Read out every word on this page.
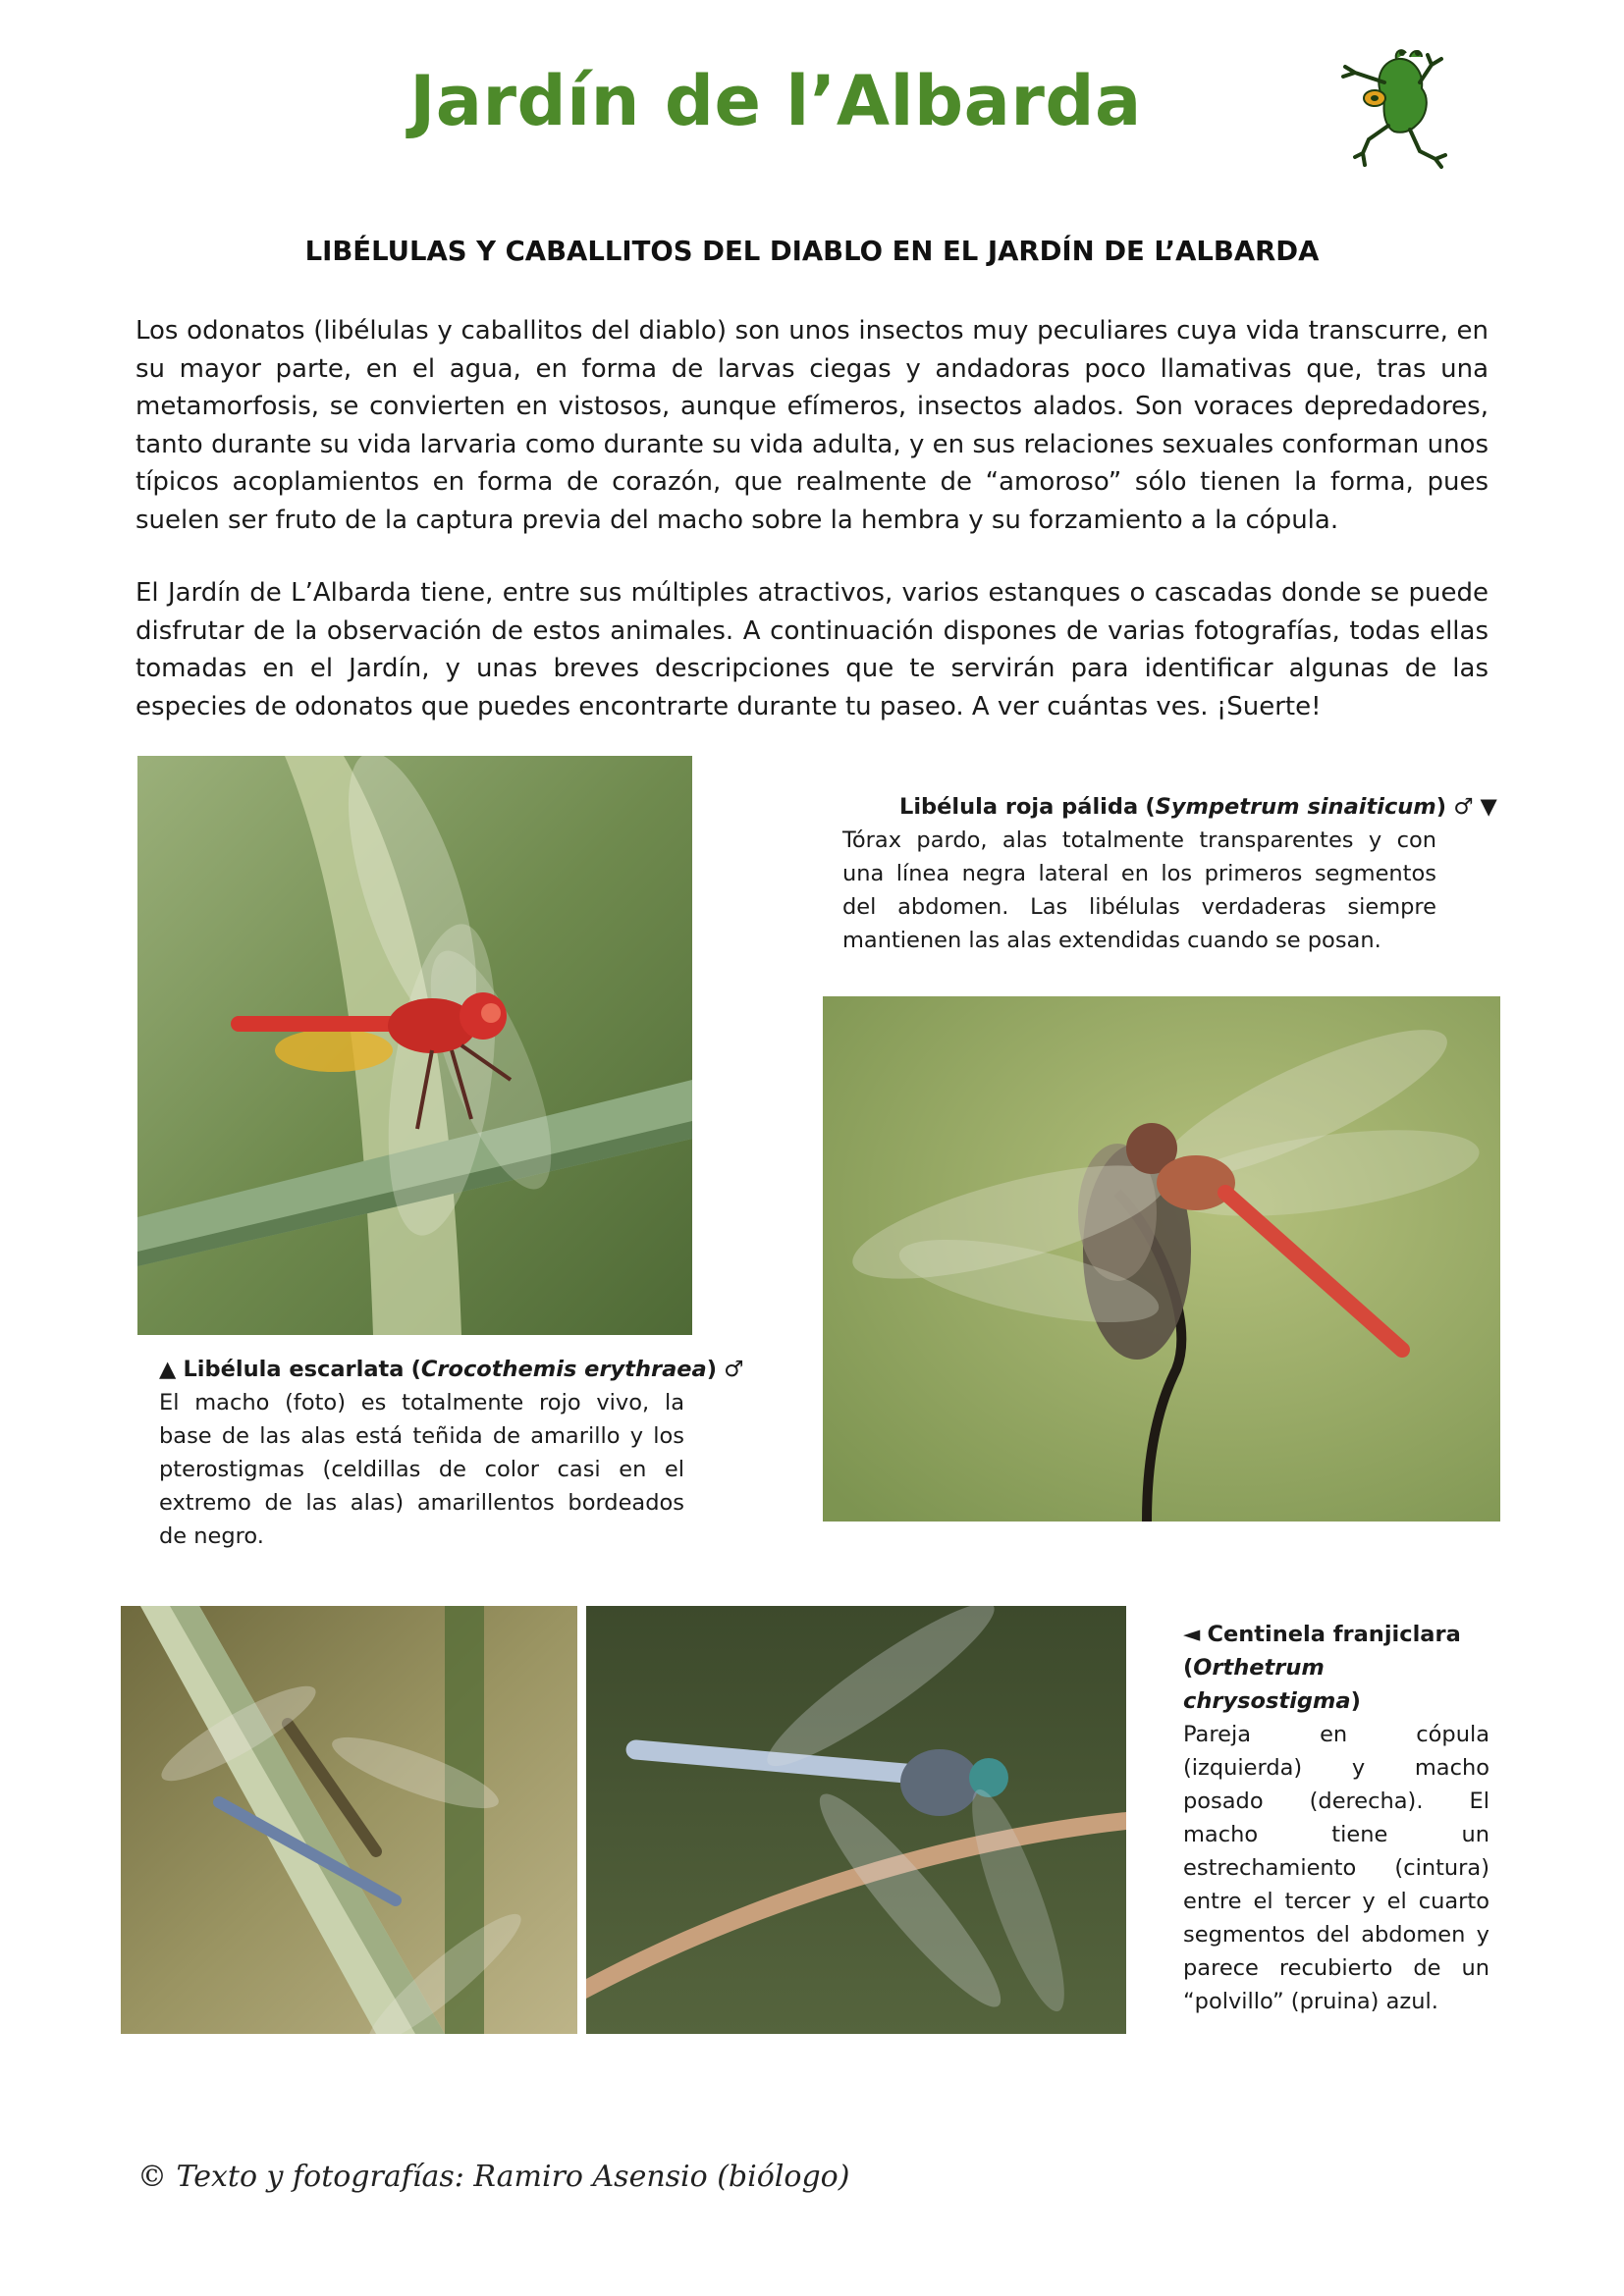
Jardín de l’Albarda
LIBÉLULAS Y CABALLITOS DEL DIABLO EN EL JARDÍN DE L’ALBARDA
Los odonatos (libélulas y caballitos del diablo) son unos insectos muy peculiares cuya vida transcurre, en su mayor parte, en el agua, en forma de larvas ciegas y andadoras poco llamativas que, tras una metamorfosis, se convierten en vistosos, aunque efímeros, insectos alados. Son voraces depredadores, tanto durante su vida larvaria como durante su vida adulta, y en sus relaciones sexuales conforman unos típicos acoplamientos en forma de corazón, que realmente de “amoroso” sólo tienen la forma, pues suelen ser fruto de la captura previa del macho sobre la hembra y su forzamiento a la cópula.
El Jardín de L’Albarda tiene, entre sus múltiples atractivos, varios estanques o cascadas donde se puede disfrutar de la observación de estos animales. A continuación dispones de varias fotografías, todas ellas tomadas en el Jardín, y unas breves descripciones que te servirán para identificar algunas de las especies de odonatos que puedes encontrarte durante tu paseo. A ver cuántas ves. ¡Suerte!
▲ Libélula escarlata (Crocothemis erythraea) ♂
El macho (foto) es totalmente rojo vivo, la base de las alas está teñida de amarillo y los pterostigmas (celdillas de color casi en el extremo de las alas) amarillentos bordeados de negro.
Libélula roja pálida (Sympetrum sinaiticum) ♂ ▼
Tórax pardo, alas totalmente transparentes y con una línea negra lateral en los primeros segmentos del abdomen. Las libélulas verdaderas siempre mantienen las alas extendidas cuando se posan.
◄ Centinela franjiclara
(Orthetrum chrysostigma)
Pareja en cópula (izquierda) y macho posado (derecha). El macho tiene un estrechamiento (cintura) entre el tercer y el cuarto segmentos del abdomen y parece recubierto de un “polvillo” (pruina) azul.
© Texto y fotografías: Ramiro Asensio (biólogo)
